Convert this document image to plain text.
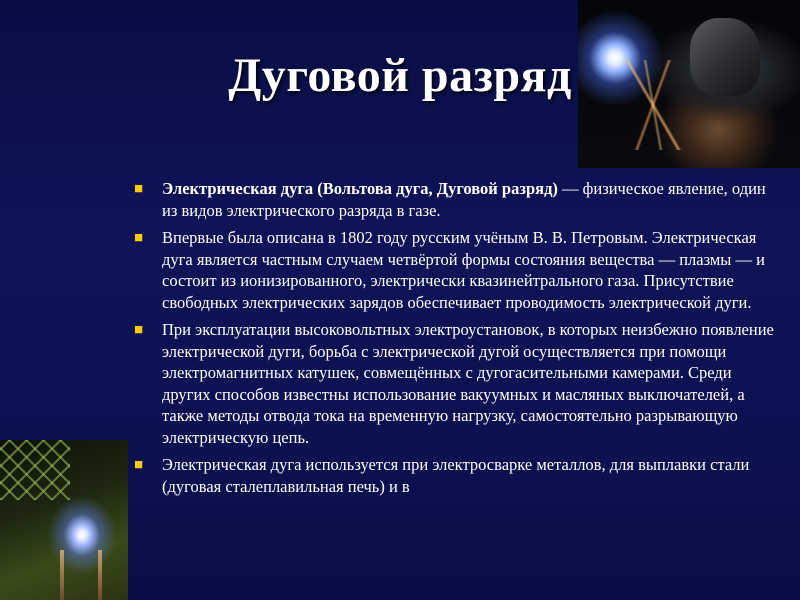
Дуговой разряд
■ Электрическая дуга (Вольтова дуга, Дуговой разряд) — физическое явление, один из видов электрического разряда в газе.
■ Впервые была описана в 1802 году русским учёным В. В. Петровым. Электрическая дуга является частным случаем четвёртой формы состояния вещества — плазмы — и состоит из ионизированного, электрически квазинейтрального газа. Присутствие свободных электрических зарядов обеспечивает проводимость электрической дуги.
■ При эксплуатации высоковольтных электроустановок, в которых неизбежно появление электрической дуги, борьба с электрической дугой осуществляется при помощи электромагнитных катушек, совмещённых с дугогасительными камерами. Среди других способов известны использование вакуумных и масляных выключателей, а также методы отвода тока на временную нагрузку, самостоятельно разрывающую электрическую цепь.
■ Электрическая дуга используется при электросварке металлов, для выплавки стали (дуговая сталеплавильная печь) и в
